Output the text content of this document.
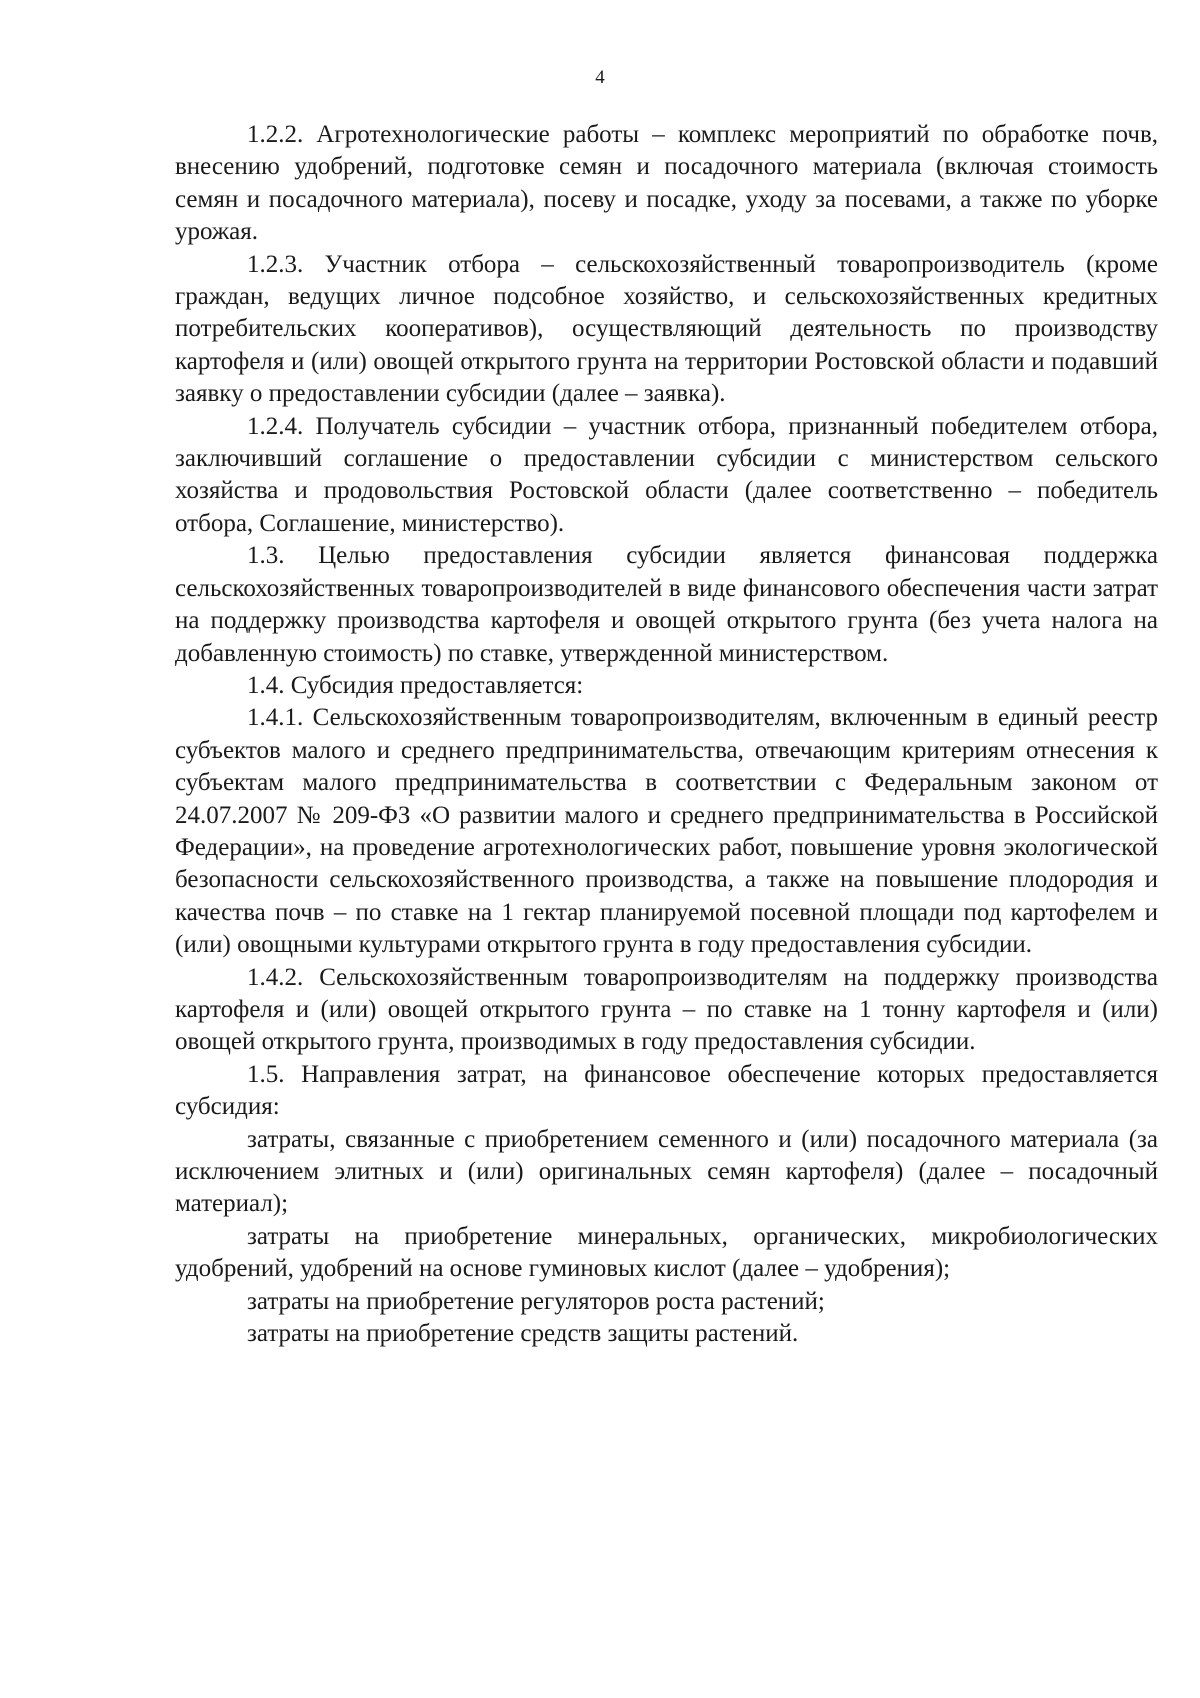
4

1.2.2. Агротехнологические работы – комплекс мероприятий по обработке почв, внесению удобрений, подготовке семян и посадочного материала (включая стоимость семян и посадочного материала), посеву и посадке, уходу за посевами, а также по уборке урожая.

1.2.3. Участник отбора – сельскохозяйственный товаропроизводитель (кроме граждан, ведущих личное подсобное хозяйство, и сельскохозяйственных кредитных потребительских кооперативов), осуществляющий деятельность по производству картофеля и (или) овощей открытого грунта на территории Ростовской области и подавший заявку о предоставлении субсидии (далее – заявка).

1.2.4. Получатель субсидии – участник отбора, признанный победителем отбора, заключивший соглашение о предоставлении субсидии с министерством сельского хозяйства и продовольствия Ростовской области (далее соответственно – победитель отбора, Соглашение, министерство).

1.3. Целью предоставления субсидии является финансовая поддержка сельскохозяйственных товаропроизводителей в виде финансового обеспечения части затрат на поддержку производства картофеля и овощей открытого грунта (без учета налога на добавленную стоимость) по ставке, утвержденной министерством.

1.4. Субсидия предоставляется:

1.4.1. Сельскохозяйственным товаропроизводителям, включенным в единый реестр субъектов малого и среднего предпринимательства, отвечающим критериям отнесения к субъектам малого предпринимательства в соответствии с Федеральным законом от 24.07.2007 № 209-ФЗ «О развитии малого и среднего предпринимательства в Российской Федерации», на проведение агротехнологических работ, повышение уровня экологической безопасности сельскохозяйственного производства, а также на повышение плодородия и качества почв – по ставке на 1 гектар планируемой посевной площади под картофелем и (или) овощными культурами открытого грунта в году предоставления субсидии.

1.4.2. Сельскохозяйственным товаропроизводителям на поддержку производства картофеля и (или) овощей открытого грунта – по ставке на 1 тонну картофеля и (или) овощей открытого грунта, производимых в году предоставления субсидии.

1.5. Направления затрат, на финансовое обеспечение которых предоставляется субсидия:

затраты, связанные с приобретением семенного и (или) посадочного материала (за исключением элитных и (или) оригинальных семян картофеля) (далее – посадочный материал);

затраты на приобретение минеральных, органических, микробиологических удобрений, удобрений на основе гуминовых кислот (далее – удобрения);

затраты на приобретение регуляторов роста растений;

затраты на приобретение средств защиты растений.
